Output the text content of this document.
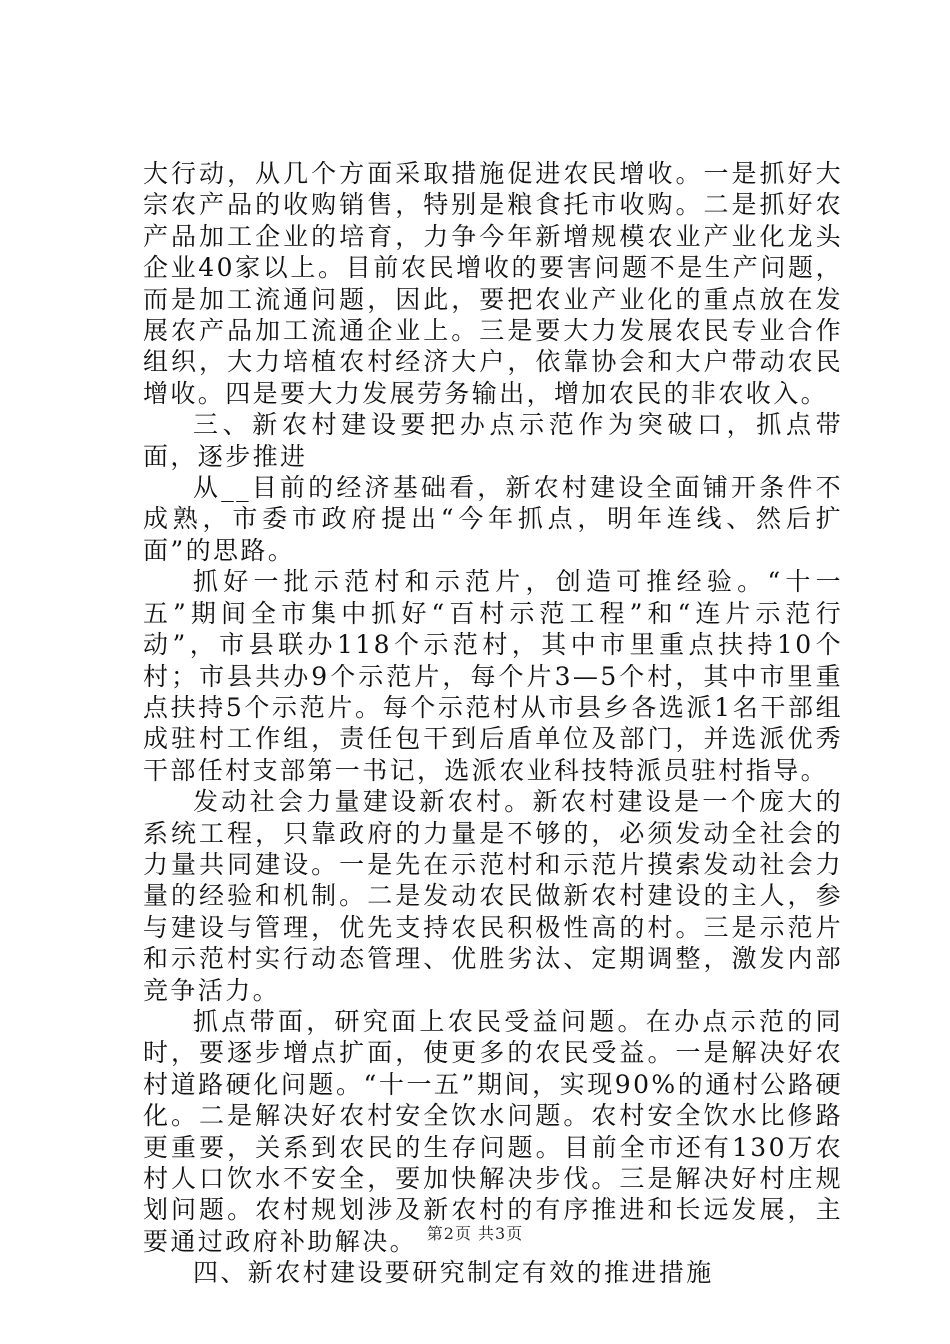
大行动，从几个方面采取措施促进农民增收。一是抓好大宗农产品的收购销售，特别是粮食托市收购。二是抓好农产品加工企业的培育，力争今年新增规模农业产业化龙头企业40家以上。目前农民增收的要害问题不是生产问题，而是加工流通问题，因此，要把农业产业化的重点放在发展农产品加工流通企业上。三是要大力发展农民专业合作组织，大力培植农村经济大户，依靠协会和大户带动农民增收。四是要大力发展劳务输出，增加农民的非农收入。

三、新农村建设要把办点示范作为突破口，抓点带面，逐步推进

从__目前的经济基础看，新农村建设全面铺开条件不成熟，市委市政府提出“今年抓点，明年连线、然后扩面”的思路。

抓好一批示范村和示范片，创造可推经验。“十一五”期间全市集中抓好“百村示范工程”和“连片示范行动”，市县联办118个示范村，其中市里重点扶持10个村；市县共办9个示范片，每个片3—5个村，其中市里重点扶持5个示范片。每个示范村从市县乡各选派1名干部组成驻村工作组，责任包干到后盾单位及部门，并选派优秀干部任村支部第一书记，选派农业科技特派员驻村指导。

发动社会力量建设新农村。新农村建设是一个庞大的系统工程，只靠政府的力量是不够的，必须发动全社会的力量共同建设。一是先在示范村和示范片摸索发动社会力量的经验和机制。二是发动农民做新农村建设的主人，参与建设与管理，优先支持农民积极性高的村。三是示范片和示范村实行动态管理、优胜劣汰、定期调整，激发内部竞争活力。

抓点带面，研究面上农民受益问题。在办点示范的同时，要逐步增点扩面，使更多的农民受益。一是解决好农村道路硬化问题。“十一五”期间，实现90%的通村公路硬化。二是解决好农村安全饮水问题。农村安全饮水比修路更重要，关系到农民的生存问题。目前全市还有130万农村人口饮水不安全，要加快解决步伐。三是解决好村庄规划问题。农村规划涉及新农村的有序推进和长远发展，主要通过政府补助解决。

四、新农村建设要研究制定有效的推进措施

第2页 共3页
